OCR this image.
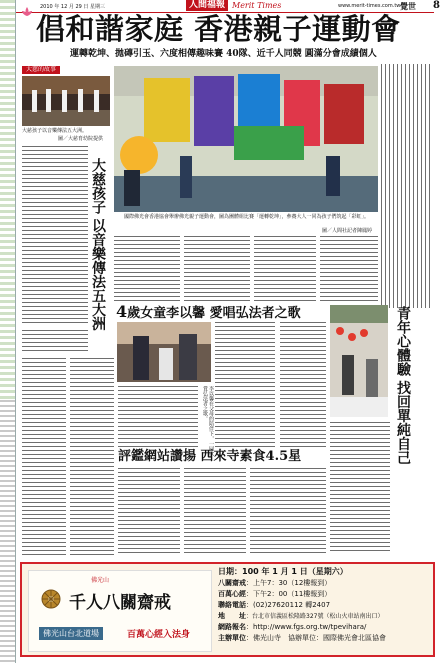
2010 年 12 月 29 日 星期三	人間福報 Merit Times	www.merit-times.com.tw 覺世 8
倡和諧家庭 香港親子運動會
運轉乾坤、拋磚引玉、六度相傳趣味賽 40隊、近千人同競 圓滿分會成績個人
大慈的故事
大慈孩子以音樂傳法五大洲。
圖／大慈育幼院提供
大慈孩子 以音樂傳法五大洲	國際佛光會香港協會舉辦佛光親子運動會，圖為團體組比賽「運轉乾坤」，參賽大人一同為孩子們筑起「彩虹」。
圖／人間社記者陳鳳婷
4歲女童李以馨 愛唱弘法者之歌
李以馨在父母的陪伴下，一同欣賞弘法者之歌。	青年心體驗 找回單純自己
評鑑網站讚揚 西來寺素食4.5星
佛光山
千人八關齋戒
佛光山台北道場	百萬心經入法身
日期：100 年 1 月 1 日（星期六）
八關齋戒：上午7：30（12樓報到）
百萬心經：下午2：00（11樓報到）
聯絡電話：(02)27620112 轉2407
地　　址：台北市信義區松隆路327號（松山火車站南出口）
網路報名：http://www.fgs.org.tw/tpevihara/
主辦單位：佛光山寺　協辦單位：國際佛光會北區協會
